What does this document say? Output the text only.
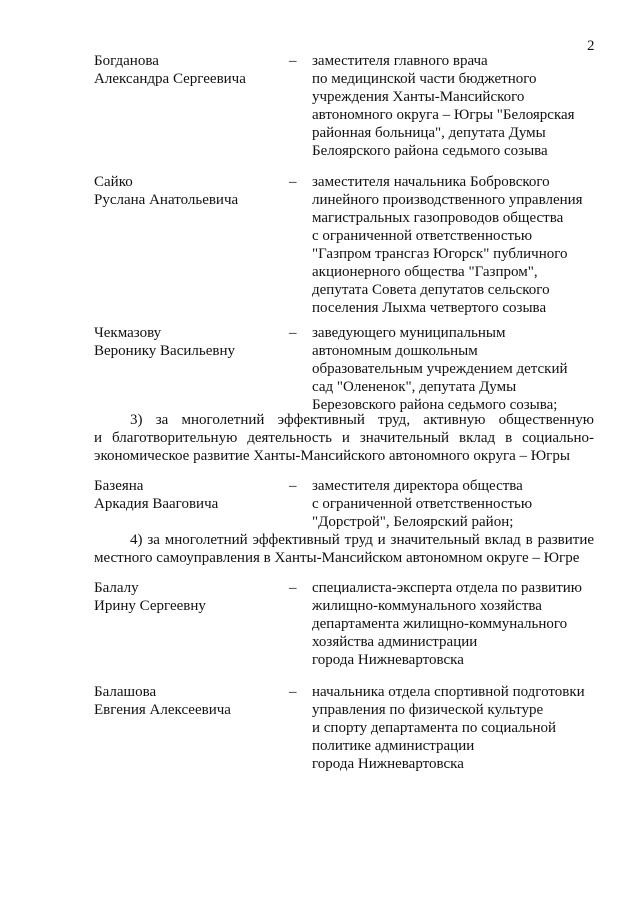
2
Богданова
Александра Сергеевича
– заместителя главного врача
по медицинской части бюджетного
учреждения Ханты-Мансийского
автономного округа – Югры "Белоярская
районная больница", депутата Думы
Белоярского района седьмого созыва
Сайко
Руслана Анатольевича
– заместителя начальника Бобровского
линейного производственного управления
магистральных газопроводов общества
с ограниченной ответственностью
"Газпром трансгаз Югорск" публичного
акционерного общества "Газпром",
депутата Совета депутатов сельского
поселения Лыхма четвертого созыва
Чекмазову
Веронику Васильевну
– заведующего муниципальным
автономным дошкольным
образовательным учреждением детский
сад "Олененок", депутата Думы
Березовского района седьмого созыва;
3) за многолетний эффективный труд, активную общественную
и благотворительную деятельность и значительный вклад в социально-
экономическое развитие Ханты-Мансийского автономного округа – Югры
Базеяна
Аркадия Вааговича
– заместителя директора общества
с ограниченной ответственностью
"Дорстрой", Белоярский район;
4) за многолетний эффективный труд и значительный вклад в развитие
местного самоуправления в Ханты-Мансийском автономном округе – Югре
Балалу
Ирину Сергеевну
– специалиста-эксперта отдела по развитию
жилищно-коммунального хозяйства
департамента жилищно-коммунального
хозяйства администрации
города Нижневартовска
Балашова
Евгения Алексеевича
– начальника отдела спортивной подготовки
управления по физической культуре
и спорту департамента по социальной
политике администрации
города Нижневартовска
